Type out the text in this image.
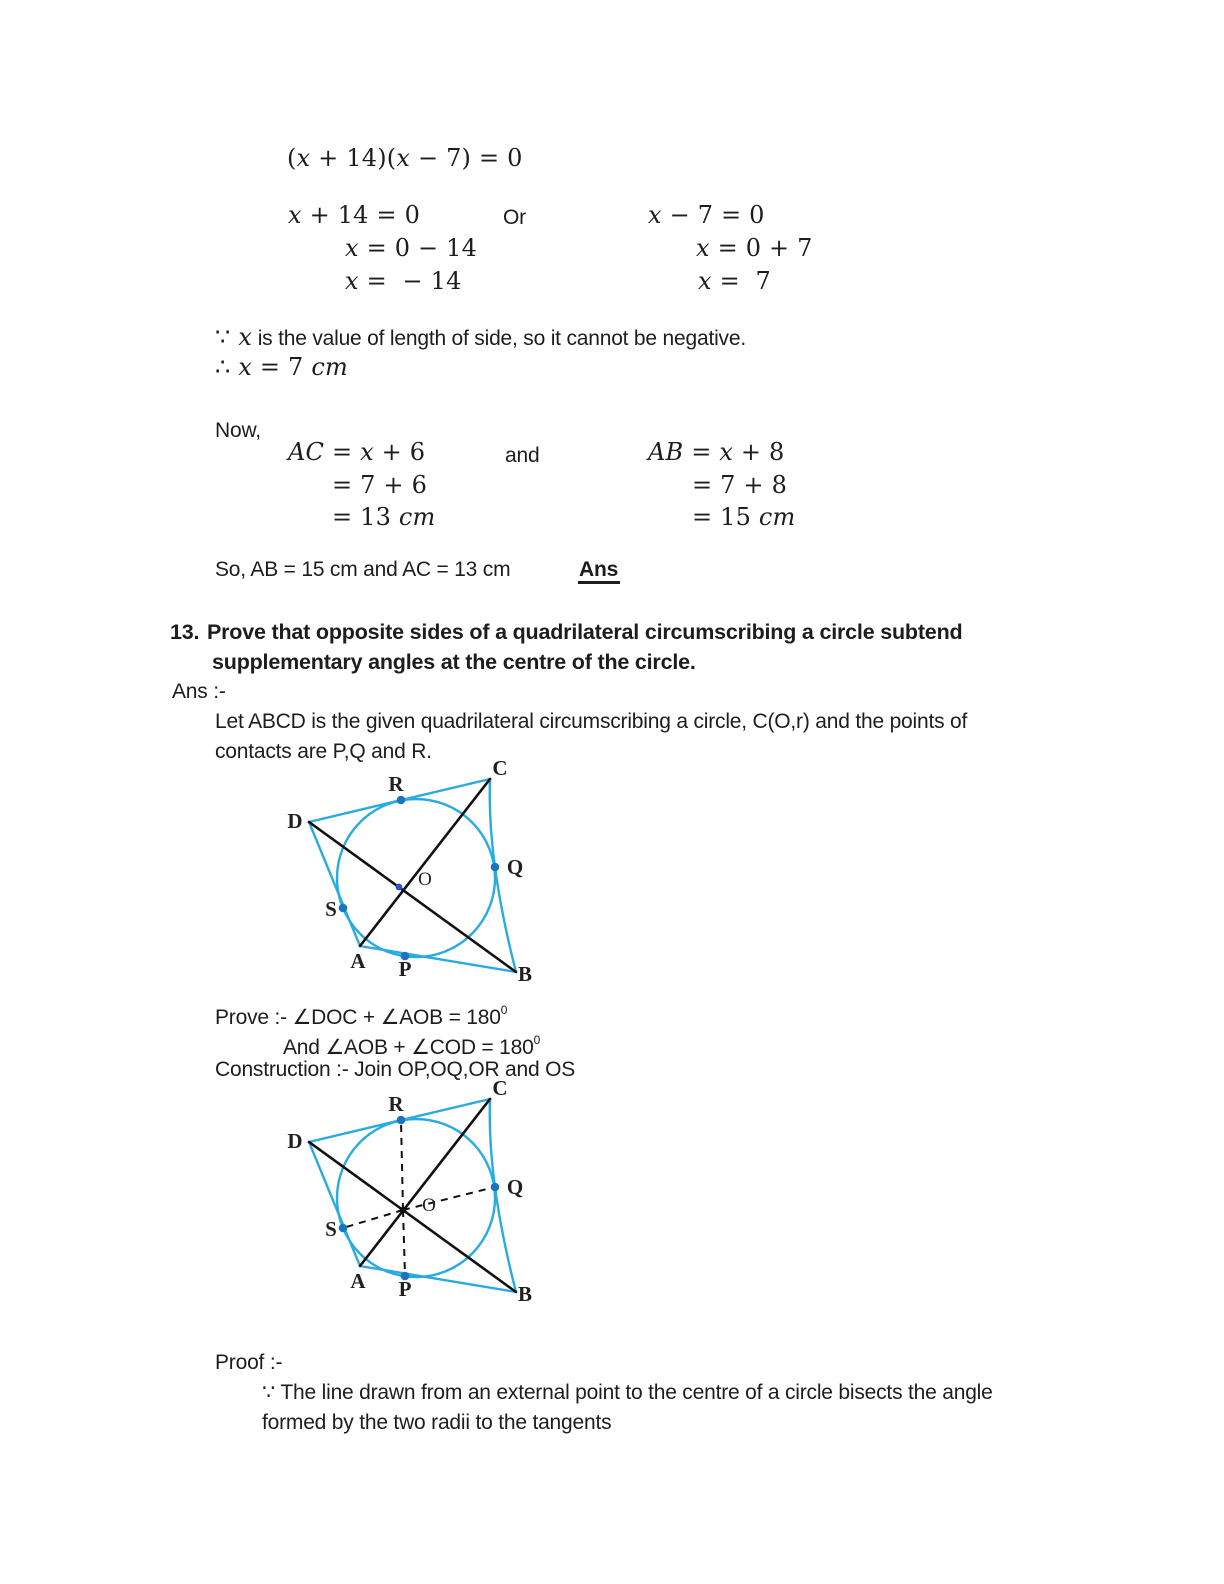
(x + 14)(x − 7) = 0
x + 14 = 0	Or	x − 7 = 0
x = 0 − 14	x = 0 + 7
x =  − 14	x =  7
∵ x is the value of length of side, so it cannot be negative.
∴ x = 7 cm
Now,
AC = x + 6	and	AB = x + 8
= 7 + 6	= 7 + 8
= 13 cm	= 15 cm
So, AB = 15 cm and AC = 13 cm	Ans
13. Prove that opposite sides of a quadrilateral circumscribing a circle subtend
supplementary angles at the centre of the circle.
Ans :-
Let ABCD is the given quadrilateral circumscribing a circle, C(O,r) and the points of
contacts are P,Q and R.
C
R
D
Q
O
S
A P	B
Prove :- ∠DOC + ∠AOB = $180^0$
And ∠AOB + ∠COD = $180^0$
Construction :- Join OP,OQ,OR and OS
C
R
D
Q
O
S
A P	B
Proof :-
∵ The line drawn from an external point to the centre of a circle bisects the angle
formed by the two radii to the tangents
